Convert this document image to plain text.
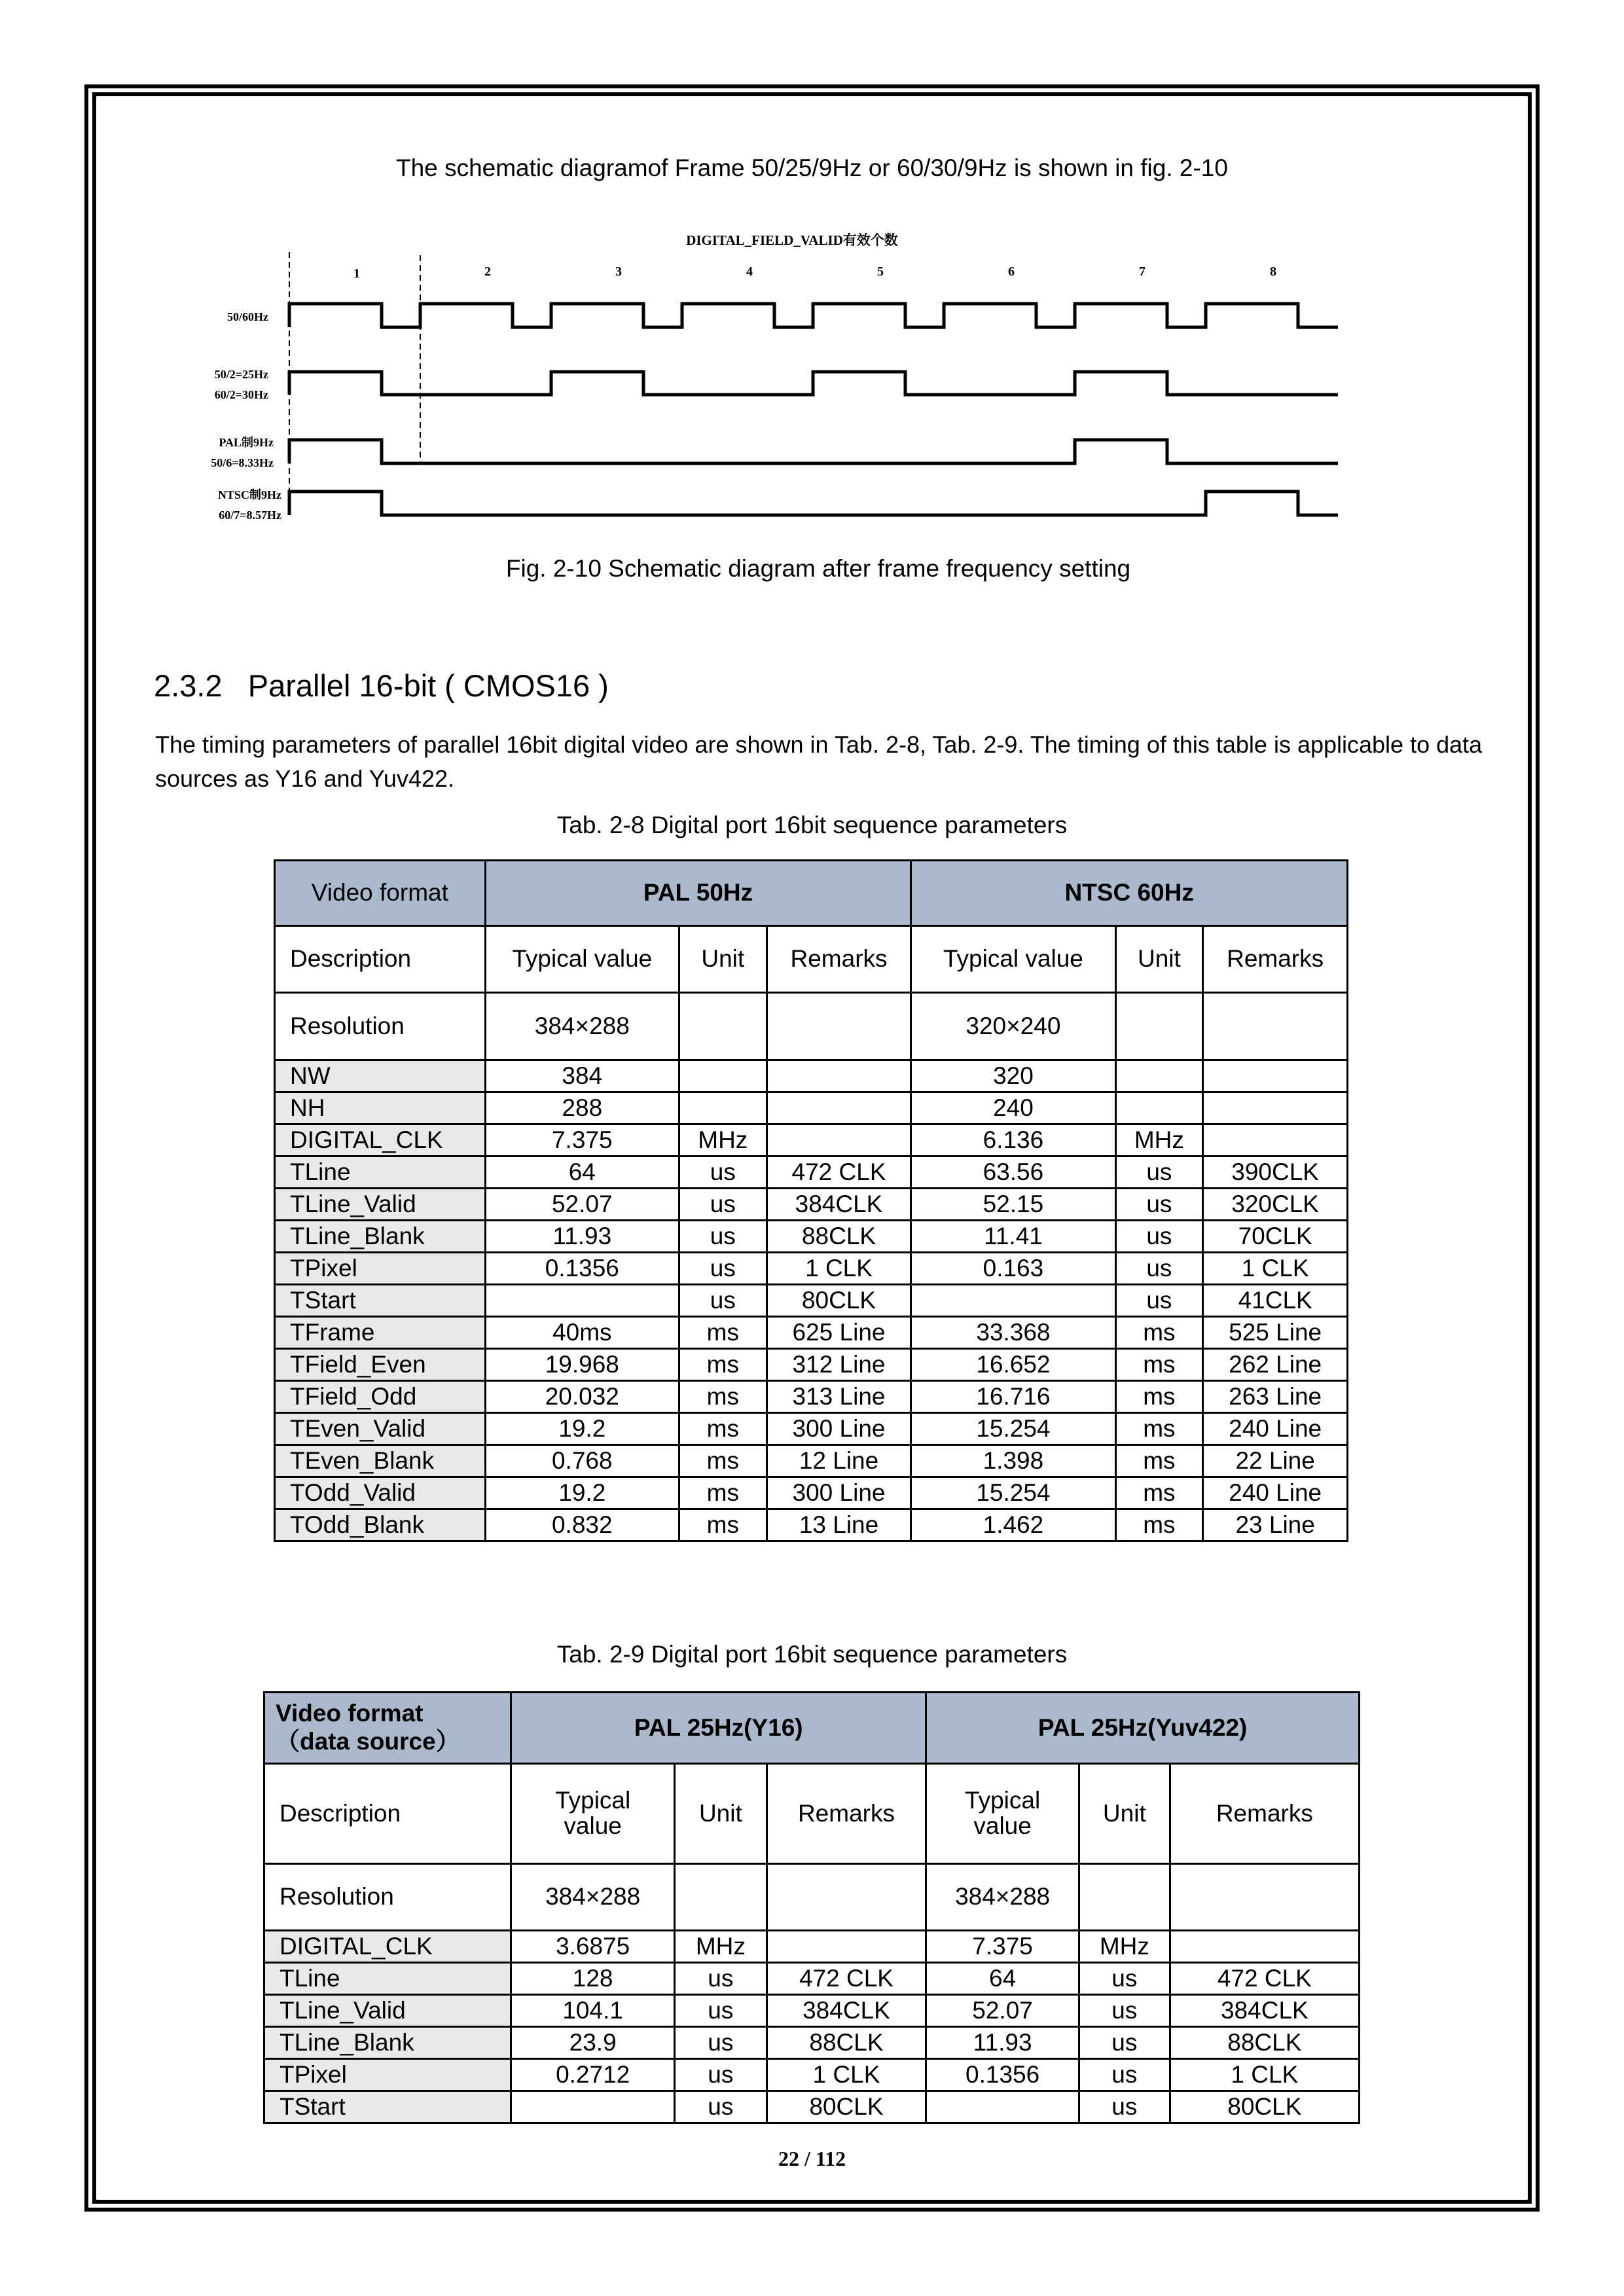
The schematic diagramof Frame 50/25/9Hz or 60/30/9Hz is shown in fig. 2-10
DIGITAL_FIELD_VALID有效个数
1	2	3	4	5	6	7	8
50/60Hz
50/2=25Hz
60/2=30Hz
PAL制9Hz
50/6=8.33Hz
NTSC制9Hz
60/7=8.57Hz
Fig. 2-10 Schematic diagram after frame frequency setting
2.3.2 Parallel 16-bit ( CMOS16 )
The timing parameters of parallel 16bit digital video are shown in Tab. 2-8, Tab. 2-9. The timing of this table is applicable to data sources as Y16 and Yuv422.
Tab. 2-8 Digital port 16bit sequence parameters
Video format	PAL 50Hz			NTSC 60Hz		
Description	Typical value	Unit	Remarks	Typical value	Unit	Remarks
Resolution	384×288			320×240		
NW	384			320		
NH	288			240		
DIGITAL_CLK	7.375	MHz		6.136	MHz	
TLine	64	us	472 CLK	63.56	us	390CLK
TLine_Valid	52.07	us	384CLK	52.15	us	320CLK
TLine_Blank	11.93	us	88CLK	11.41	us	70CLK
TPixel	0.1356	us	1 CLK	0.163	us	1 CLK
TStart		us	80CLK		us	41CLK
TFrame	40ms	ms	625 Line	33.368	ms	525 Line
TField_Even	19.968	ms	312 Line	16.652	ms	262 Line
TField_Odd	20.032	ms	313 Line	16.716	ms	263 Line
TEven_Valid	19.2	ms	300 Line	15.254	ms	240 Line
TEven_Blank	0.768	ms	12 Line	1.398	ms	22 Line
TOdd_Valid	19.2	ms	300 Line	15.254	ms	240 Line
TOdd_Blank	0.832	ms	13 Line	1.462	ms	23 Line
Tab. 2-9 Digital port 16bit sequence parameters
Video format
（data source）	PAL 25Hz(Y16)			PAL 25Hz(Yuv422)		
Description	Typical value	Unit	Remarks	Typical value	Unit	Remarks
Resolution	384×288			384×288		
DIGITAL_CLK	3.6875	MHz		7.375	MHz	
TLine	128	us	472 CLK	64	us	472 CLK
TLine_Valid	104.1	us	384CLK	52.07	us	384CLK
TLine_Blank	23.9	us	88CLK	11.93	us	88CLK
TPixel	0.2712	us	1 CLK	0.1356	us	1 CLK
TStart		us	80CLK		us	80CLK
22 / 112
